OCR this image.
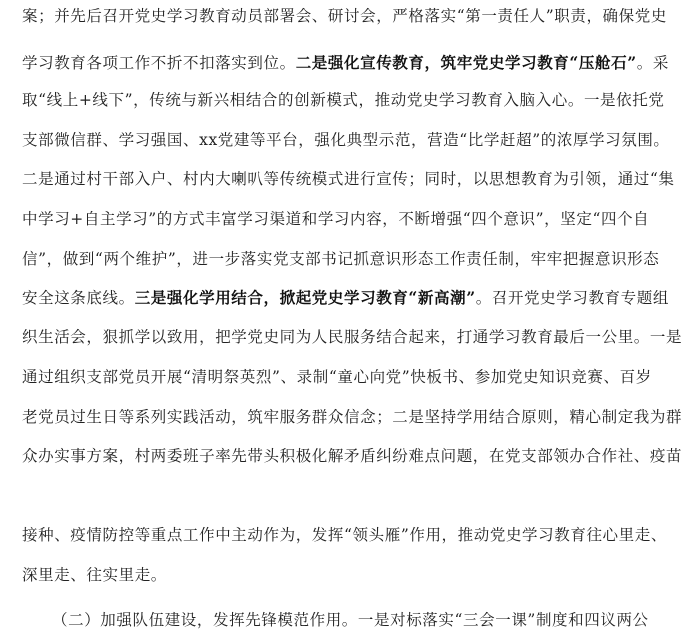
案；并先后召开党史学习教育动员部署会、研讨会，严格落实“第一责任人”职责，确保党史
学习教育各项工作不折不扣落实到位。二是强化宣传教育，筑牢党史学习教育“压舱石”。采
取“线上+线下”，传统与新兴相结合的创新模式，推动党史学习教育入脑入心。一是依托党
支部微信群、学习强国、xx党建等平台，强化典型示范，营造“比学赶超”的浓厚学习氛围。
二是通过村干部入户、村内大喇叭等传统模式进行宣传；同时，以思想教育为引领，通过“集
中学习+自主学习”的方式丰富学习渠道和学习内容，不断增强“四个意识”，坚定“四个自
信”，做到“两个维护”，进一步落实党支部书记抓意识形态工作责任制，牢牢把握意识形态
安全这条底线。三是强化学用结合，掀起党史学习教育“新高潮”。召开党史学习教育专题组
织生活会，狠抓学以致用，把学党史同为人民服务结合起来，打通学习教育最后一公里。一是
通过组织支部党员开展“清明祭英烈”、录制“童心向党”快板书、参加党史知识竞赛、百岁
老党员过生日等系列实践活动，筑牢服务群众信念；二是坚持学用结合原则，精心制定我为群
众办实事方案，村两委班子率先带头积极化解矛盾纠纷难点问题，在党支部领办合作社、疫苗
接种、疫情防控等重点工作中主动作为，发挥“领头雁”作用，推动党史学习教育往心里走、
深里走、往实里走。
（二）加强队伍建设，发挥先锋模范作用。一是对标落实“三会一课”制度和四议两公
